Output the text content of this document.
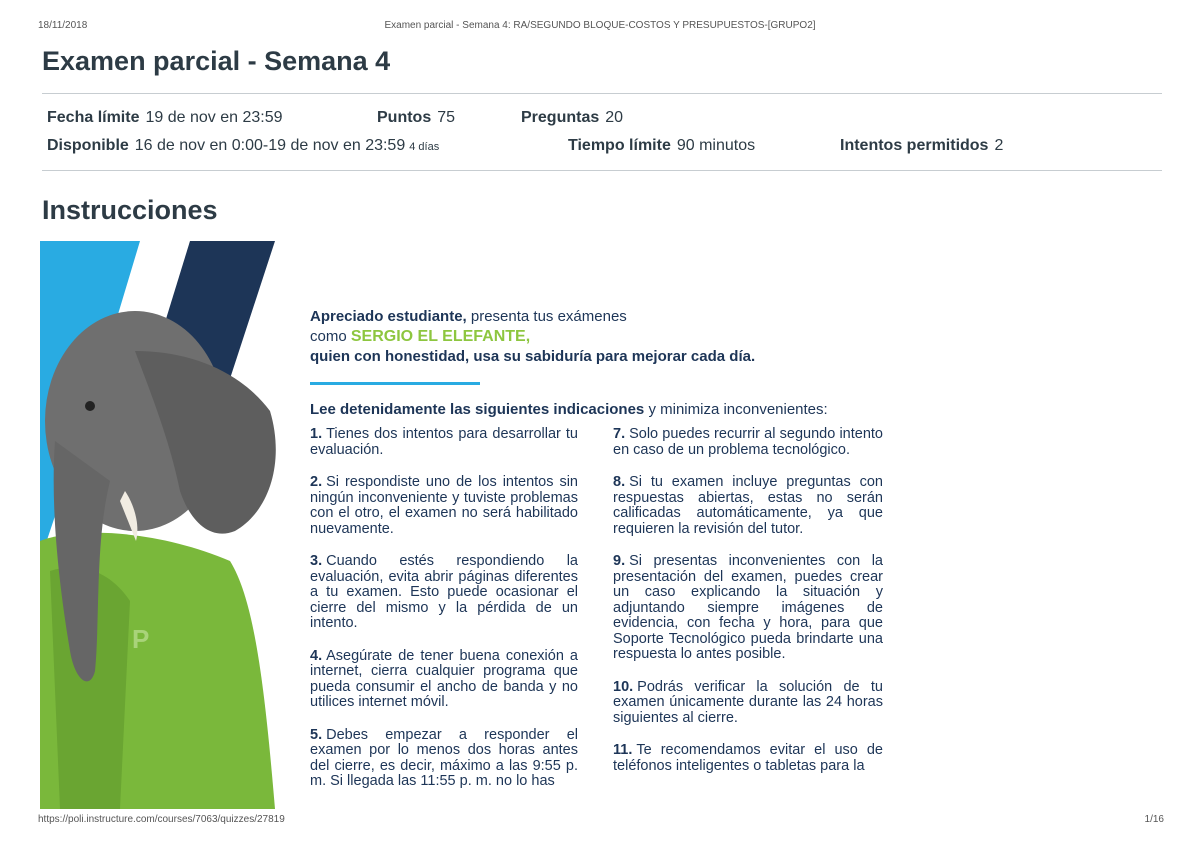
18/11/2018	Examen parcial - Semana 4: RA/SEGUNDO BLOQUE-COSTOS Y PRESUPUESTOS-[GRUPO2]
Examen parcial - Semana 4
Fecha límite 19 de nov en 23:59	Puntos 75	Preguntas 20
Disponible 16 de nov en 0:00-19 de nov en 23:59 4 días	Tiempo límite 90 minutos	Intentos permitidos 2
Instrucciones
P
Apreciado estudiante, presenta tus exámenes
como SERGIO EL ELEFANTE,
quien con honestidad, usa su sabiduría para mejorar cada día.
Lee detenidamente las siguientes indicaciones y minimiza inconvenientes:
1. Tienes dos intentos para desarrollar tu evaluación.
2. Si respondiste uno de los intentos sin ningún inconveniente y tuviste problemas con el otro, el examen no será habilitado nuevamente.
3. Cuando estés respondiendo la evaluación, evita abrir páginas diferentes a tu examen. Esto puede ocasionar el cierre del mismo y la pérdida de un intento.
4. Asegúrate de tener buena conexión a internet, cierra cualquier programa que pueda consumir el ancho de banda y no utilices internet móvil.
5. Debes empezar a responder el examen por lo menos dos horas antes del cierre, es decir, máximo a las 9:55 p. m. Si llegada las 11:55 p. m. no lo has
7. Solo puedes recurrir al segundo intento en caso de un problema tecnológico.
8. Si tu examen incluye preguntas con respuestas abiertas, estas no serán calificadas automáticamente, ya que requieren la revisión del tutor.
9. Si presentas inconvenientes con la presentación del examen, puedes crear un caso explicando la situación y adjuntando siempre imágenes de evidencia, con fecha y hora, para que Soporte Tecnológico pueda brindarte una respuesta lo antes posible.
10. Podrás verificar la solución de tu examen únicamente durante las 24 horas siguientes al cierre.
11. Te recomendamos evitar el uso de teléfonos inteligentes o tabletas para la
https://poli.instructure.com/courses/7063/quizzes/27819	1/16
